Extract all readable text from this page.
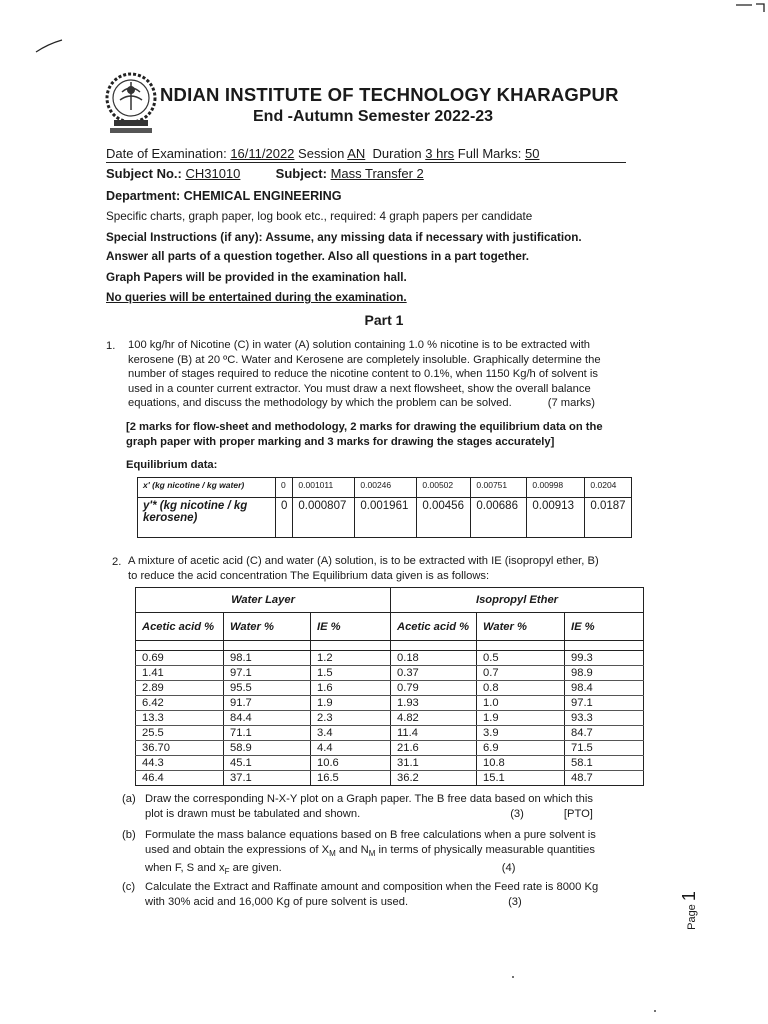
NDIAN INSTITUTE OF TECHNOLOGY KHARAGPUR
End -Autumn Semester 2022-23
Date of Examination: 16/11/2022 Session AN Duration 3 hrs Full Marks: 50
Subject No.: CH31010	Subject: Mass Transfer 2
Department: CHEMICAL ENGINEERING
Specific charts, graph paper, log book etc., required: 4 graph papers per candidate
Special Instructions (if any): Assume, any missing data if necessary with justification.
Answer all parts of a question together. Also all questions in a part together.
Graph Papers will be provided in the examination hall.
No queries will be entertained during the examination.
Part 1
1. 100 kg/hr of Nicotine (C) in water (A) solution containing 1.0 % nicotine is to be extracted with
kerosene (B) at 20 ºC. Water and Kerosene are completely insoluble. Graphically determine the
number of stages required to reduce the nicotine content to 0.1%, when 1150 Kg/h of solvent is
used in a counter current extractor. You must draw a next flowsheet, show the overall balance
equations, and discuss the methodology by which the problem can be solved.	(7 marks)
[2 marks for flow-sheet and methodology, 2 marks for drawing the equilibrium data on the
graph paper with proper marking and 3 marks for drawing the stages accurately]
Equilibrium data:
x' (kg nicotine / kg water)	0	0.001011	0.00246	0.00502	0.00751	0.00998	0.0204

y'* (kg nicotine / kg
kerosene)	0	0.000807	0.001961	0.00456	0.00686	0.00913	0.0187
2. A mixture of acetic acid (C) and water (A) solution, is to be extracted with IE (isopropyl ether, B)
to reduce the acid concentration The Equilibrium data given is as follows:
Water Layer			Isopropyl Ether		
Acetic acid %	Water %	IE %	Acetic acid %	Water %	IE %

0.69	98.1	1.2	0.18	0.5	99.3
1.41	97.1	1.5	0.37	0.7	98.9
2.89	95.5	1.6	0.79	0.8	98.4
6.42	91.7	1.9	1.93	1.0	97.1
13.3	84.4	2.3	4.82	1.9	93.3
25.5	71.1	3.4	11.4	3.9	84.7
36.70	58.9	4.4	21.6	6.9	71.5
44.3	45.1	10.6	31.1	10.8	58.1
46.4	37.1	16.5	36.2	15.1	48.7
(a) Draw the corresponding N-X-Y plot on a Graph paper. The B free data based on which this
plot is drawn must be tabulated and shown.	(3)	[PTO]
(b) Formulate the mass balance equations based on B free calculations when a pure solvent is
used and obtain the expressions of $X_M$ and $N_M$ in terms of physically measurable quantities
when F, S and $x_F$ are given.	(4)
(c) Calculate the Extract and Raffinate amount and composition when the Feed rate is 8000 Kg
with 30% acid and 16,000 Kg of pure solvent is used.	(3)
Page 1
